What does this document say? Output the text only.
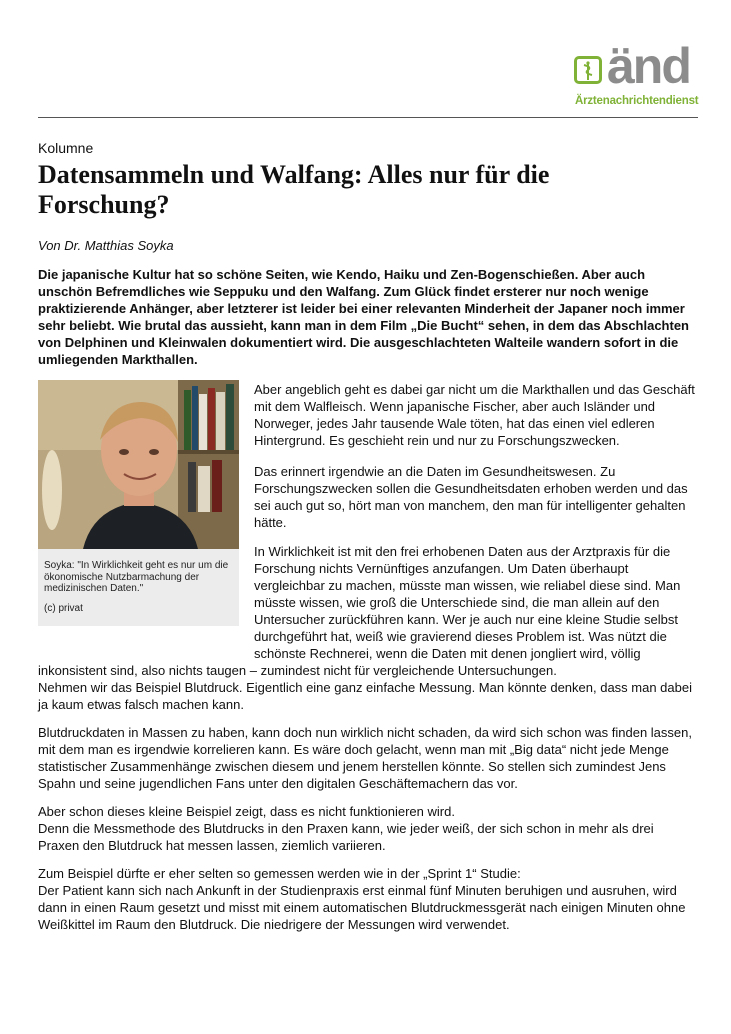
änd
Ärztenachrichtendienst
Kolumne
Datensammeln und Walfang: Alles nur für die Forschung?
Von Dr. Matthias Soyka

Die japanische Kultur hat so schöne Seiten, wie Kendo, Haiku und Zen-Bogenschießen. Aber auch unschön Befremdliches wie Seppuku und den Walfang. Zum Glück findet ersterer nur noch wenige praktizierende Anhänger, aber letzterer ist leider bei einer relevanten Minderheit der Japaner noch immer sehr beliebt. Wie brutal das aussieht, kann man in dem Film „Die Bucht“ sehen, in dem das Abschlachten von Delphinen und Kleinwalen dokumentiert wird. Die ausgeschlachteten Walteile wandern sofort in die umliegenden Markthallen.

Soyka: "In Wirklichkeit geht es nur um die ökonomische Nutzbarmachung der medizinischen Daten."
(c) privat

Aber angeblich geht es dabei gar nicht um die Markthallen und das Geschäft mit dem Walfleisch. Wenn japanische Fischer, aber auch Isländer und Norweger, jedes Jahr tausende Wale töten, hat das einen viel edleren Hintergrund. Es geschieht rein und nur zu Forschungszwecken.

Das erinnert irgendwie an die Daten im Gesundheitswesen. Zu Forschungszwecken sollen die Gesundheitsdaten erhoben werden und das sei auch gut so, hört man von manchem, den man für intelligenter gehalten hätte.

In Wirklichkeit ist mit den frei erhobenen Daten aus der Arztpraxis für die
Forschung nichts Vernünftiges anzufangen. Um Daten überhaupt
vergleichbar zu machen, müsste man wissen, wie reliabel diese sind. Man
müsste wissen, wie groß die Unterschiede sind, die man allein auf den
Untersucher zurückführen kann. Wer je auch nur eine kleine Studie selbst
durchgeführt hat, weiß wie gravierend dieses Problem ist. Was nützt die
schönste Rechnerei, wenn die Daten mit denen jongliert wird, völlig

inkonsistent sind, also nichts taugen – zumindest nicht für vergleichende Untersuchungen.

Nehmen wir das Beispiel Blutdruck. Eigentlich eine ganz einfache Messung. Man könnte denken, dass man dabei ja kaum etwas falsch machen kann.

Blutdruckdaten in Massen zu haben, kann doch nun wirklich nicht schaden, da wird sich schon was finden lassen, mit dem man es irgendwie korrelieren kann. Es wäre doch gelacht, wenn man mit „Big data“ nicht jede Menge statistischer Zusammenhänge zwischen diesem und jenem herstellen könnte. So stellen sich zumindest Jens Spahn und seine jugendlichen Fans unter den digitalen Geschäftemachern das vor.

Aber schon dieses kleine Beispiel zeigt, dass es nicht funktionieren wird.

Denn die Messmethode des Blutdrucks in den Praxen kann, wie jeder weiß, der sich schon in mehr als drei Praxen den Blutdruck hat messen lassen, ziemlich variieren.

Zum Beispiel dürfte er eher selten so gemessen werden wie in der „Sprint 1“ Studie:

Der Patient kann sich nach Ankunft in der Studienpraxis erst einmal fünf Minuten beruhigen und ausruhen, wird dann in einen Raum gesetzt und misst mit einem automatischen Blutdruckmessgerät nach einigen Minuten ohne Weißkittel im Raum den Blutdruck. Die niedrigere der Messungen wird verwendet.
